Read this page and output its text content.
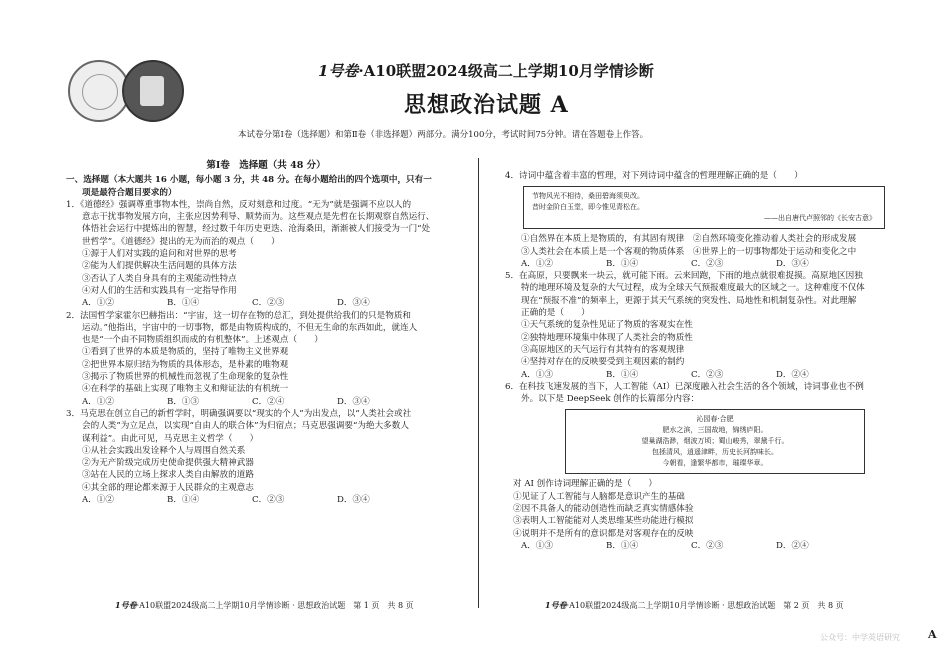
1号卷·A10联盟2024级高二上学期10月学情诊断
思想政治试题 A
本试卷分第Ⅰ卷（选择题）和第Ⅱ卷（非选择题）两部分。满分100分，考试时间75分钟。请在答题卷上作答。

第Ⅰ卷　选择题（共 48 分）

一、选择题（本大题共 16 小题，每小题 3 分，共 48 分。在每小题给出的四个选项中，只有一

项是最符合题目要求的）

1．《道德经》强调尊重事物本性，崇尚自然，反对刻意和过度。“无为”就是强调不应以人的

意志干扰事物发展方向，主张应因势利导、顺势而为。这些观点是先哲在长期观察自然运行、

体悟社会运行中提炼出的智慧，经过数千年历史更迭、沧海桑田，渐渐被人们接受为一门“处

世哲学”。《道德经》提出的无为而治的观点（　　）

①源于人们对实践的追问和对世界的思考

②能为人们提供解决生活问题的具体方法

③否认了人类自身具有的主观能动性特点

④对人们的生活和实践具有一定指导作用

A．①②	B．①④	C．②③	D．③④

2．法国哲学家霍尔巴赫指出：“宇宙，这一切存在物的总汇，到处提供给我们的只是物质和

运动。”他指出，宇宙中的一切事物，都是由物质构成的，不但无生命的东西如此，就连人

也是“一个由不同物质组织而成的有机整体”。上述观点（　　）

①看到了世界的本质是物质的，坚持了唯物主义世界观

②把世界本原归结为物质的具体形态，是朴素的唯物观

③揭示了物质世界的机械性而忽视了生命现象的复杂性

④在科学的基础上实现了唯物主义和辩证法的有机统一

A．①②	B．①③	C．②④	D．③④

3．马克思在创立自己的新哲学时，明确强调要以“现实的个人”为出发点，以“人类社会或社

会的人类”为立足点，以实现“自由人的联合体”为归宿点；马克思强调要“为绝大多数人

谋利益”。由此可见，马克思主义哲学（　　）

①从社会实践出发诠释个人与周围自然关系

②为无产阶级完成历史使命提供强大精神武器

③站在人民的立场上探求人类自由解放的道路

④其全部的理论都来源于人民群众的主观意志

A．①②	B．①④	C．②③	D．③④

4．诗词中蕴含着丰富的哲理，对下列诗词中蕴含的哲理理解正确的是（　　）

节物风光不相待，桑田碧海须臾改。

昔时金阶白玉堂，即今惟见青松在。

——出自唐代卢照邻的《长安古意》

①自然界在本质上是物质的，有其固有规律　②自然环境变化推动着人类社会的形成发展

③人类社会在本质上是一个客观的物质体系　④世界上的一切事物都处于运动和变化之中

A．①②	B．①④	C．②③	D．③④

5．在高原，只要飘来一块云，就可能下雨。云来回跑，下雨的地点就很难捉摸。高原地区因独

特的地理环境及复杂的大气过程，成为全球天气预报难度最大的区域之一。这种难度不仅体

现在“预报不准”的频率上，更源于其天气系统的突发性、局地性和机制复杂性。对此理解

正确的是（　　）

①天气系统的复杂性见证了物质的客观实在性

②独特地理环境集中体现了人类社会的物质性

③高原地区的天气运行有其特有的客观规律

④坚持对存在的反映要受到主观因素的制约

A．①③	B．①④	C．②③	D．②④

6．在科技飞速发展的当下，人工智能（AI）已深度融入社会生活的各个领域，诗词事业也不例

外。以下是 DeepSeek 创作的长篇部分内容：

沁园春·合肥

肥水之滨，三国故地，锦绣庐阳。

望巢湖浩渺，烟波万顷；蜀山峻秀，翠黛千行。

包拯清风，逍遥津畔，历史长河韵味长。

今朝看，逢繁华都市，璀璨华章。

对 AI 创作诗词理解正确的是（　　）

①见证了人工智能与人脑都是意识产生的基础

②因不具备人的能动创造性而缺乏真实情感体验

③表明人工智能能对人类思维某些功能进行模拟

④说明并不是所有的意识都是对客观存在的反映

A．①③	B．①④	C．②③	D．②④

1号卷·A10联盟2024级高二上学期10月学情诊断 · 思想政治试题　第 1 页　共 8 页	1号卷·A10联盟2024级高二上学期10月学情诊断 · 思想政治试题　第 2 页　共 8 页
公众号：中学英语研究	A
